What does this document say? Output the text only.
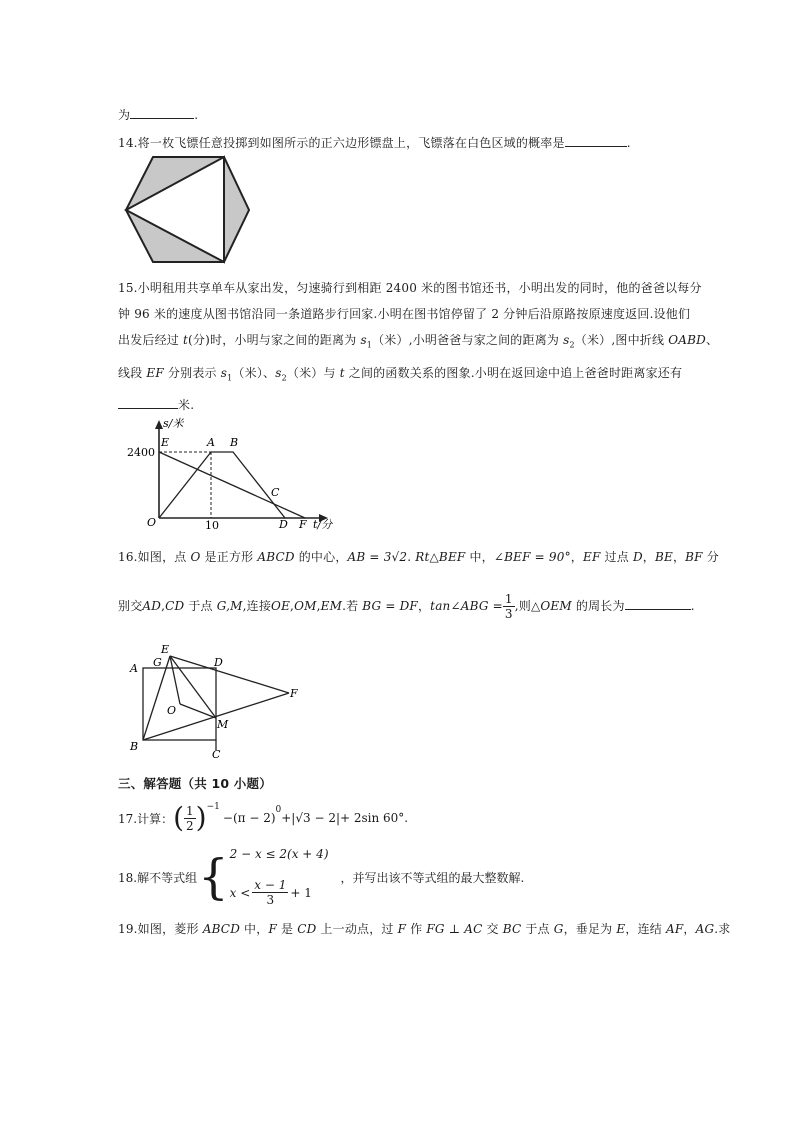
为	.
14.将一枚飞镖任意投掷到如图所示的正六边形镖盘上，飞镖落在白色区域的概率是	.
15.小明租用共享单车从家出发，匀速骑行到相距 2400 米的图书馆还书，小明出发的同时，他的爸爸以每分
钟 96 米的速度从图书馆沿同一条道路步行回家.小明在图书馆停留了 2 分钟后沿原路按原速度返回.设他们
出发后经过 t(分)时，小明与家之间的距离为 $s_1$（米）,小明爸爸与家之间的距离为 $s_2$（米）,图中折线 OABD、
线段 EF 分别表示 $s_1$（米）、$s_2$（米）与 t 之间的函数关系的图象.小明在返回途中追上爸爸时距离家还有
米.
s/米
2400
10	t/分
E	A B
C
O	D F
16.如图，点 O 是正方形 ABCD 的中心，AB = 3√2. Rt△BEF 中，∠BEF = 90°，EF 过点 D，BE，BF 分
别交AD,CD 于点 G,M,连接OE,OM,EM.若 BG = DF，tan∠ABG = $\frac{1}{3}$ ,则△OEM 的周长为	.
E
A G	D
F
O
M
B
C
三、解答题（共 10 小题）
17.计算： ( $\frac{1}{2} )^{-1}$
−(π − 2)
$^0$
+|√3 − 2|+ 2sin 60°.
18.解不等式组 { 2 − x ≤ 2(x + 4)
$x < \frac{x - 1}{3} + 1$
，并写出该不等式组的最大整数解.
19.如图，菱形 ABCD 中，F 是 CD 上一动点，过 F 作 FG ⊥ AC 交 BC 于点 G，垂足为 E，连结 AF，AG.求
